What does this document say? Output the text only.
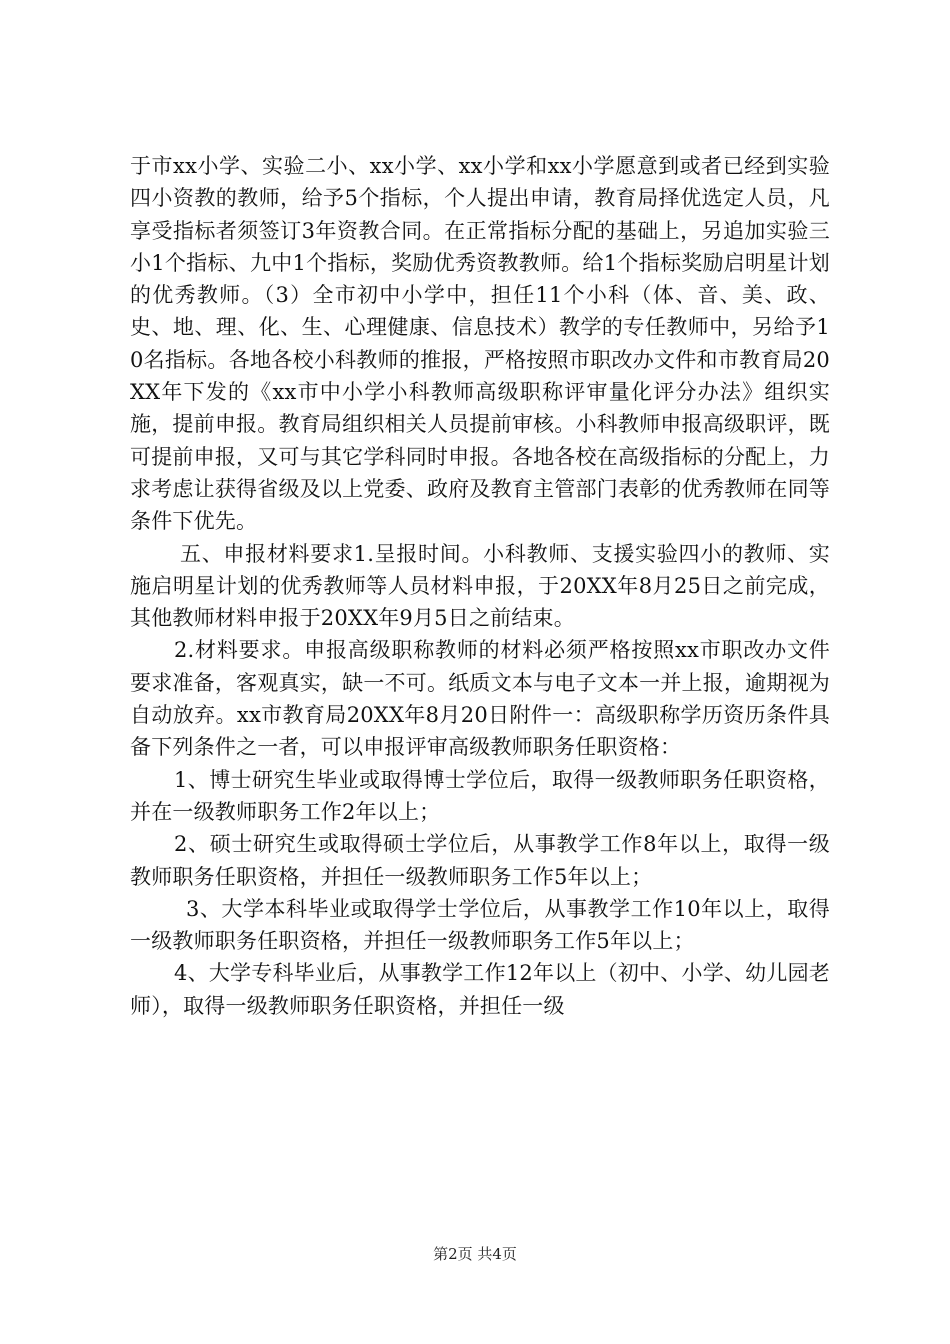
于市xx小学、实验二小、xx小学、xx小学和xx小学愿意到或者已经到实验四小资教的教师，给予5个指标，个人提出申请，教育局择优选定人员，凡享受指标者须签订3年资教合同。在正常指标分配的基础上，另追加实验三小1个指标、九中1个指标，奖励优秀资教教师。给1个指标奖励启明星计划的优秀教师。（3）全市初中小学中，担任11个小科（体、音、美、政、史、地、理、化、生、心理健康、信息技术）教学的专任教师中，另给予10名指标。各地各校小科教师的推报，严格按照市职改办文件和市教育局20XX年下发的《xx市中小学小科教师高级职称评审量化评分办法》组织实施，提前申报。教育局组织相关人员提前审核。小科教师申报高级职评，既可提前申报，又可与其它学科同时申报。各地各校在高级指标的分配上，力求考虑让获得省级及以上党委、政府及教育主管部门表彰的优秀教师在同等条件下优先。

五、申报材料要求1.呈报时间。小科教师、支援实验四小的教师、实施启明星计划的优秀教师等人员材料申报，于20XX年8月25日之前完成，其他教师材料申报于20XX年9月5日之前结束。

2.材料要求。申报高级职称教师的材料必须严格按照xx市职改办文件要求准备，客观真实，缺一不可。纸质文本与电子文本一并上报，逾期视为自动放弃。xx市教育局20XX年8月20日附件一：高级职称学历资历条件具备下列条件之一者，可以申报评审高级教师职务任职资格：

1、博士研究生毕业或取得博士学位后，取得一级教师职务任职资格，并在一级教师职务工作2年以上；

2、硕士研究生或取得硕士学位后，从事教学工作8年以上，取得一级教师职务任职资格，并担任一级教师职务工作5年以上；

3、大学本科毕业或取得学士学位后，从事教学工作10年以上，取得一级教师职务任职资格，并担任一级教师职务工作5年以上；

4、大学专科毕业后，从事教学工作12年以上（初中、小学、幼儿园老师），取得一级教师职务任职资格，并担任一级

第2页 共4页
